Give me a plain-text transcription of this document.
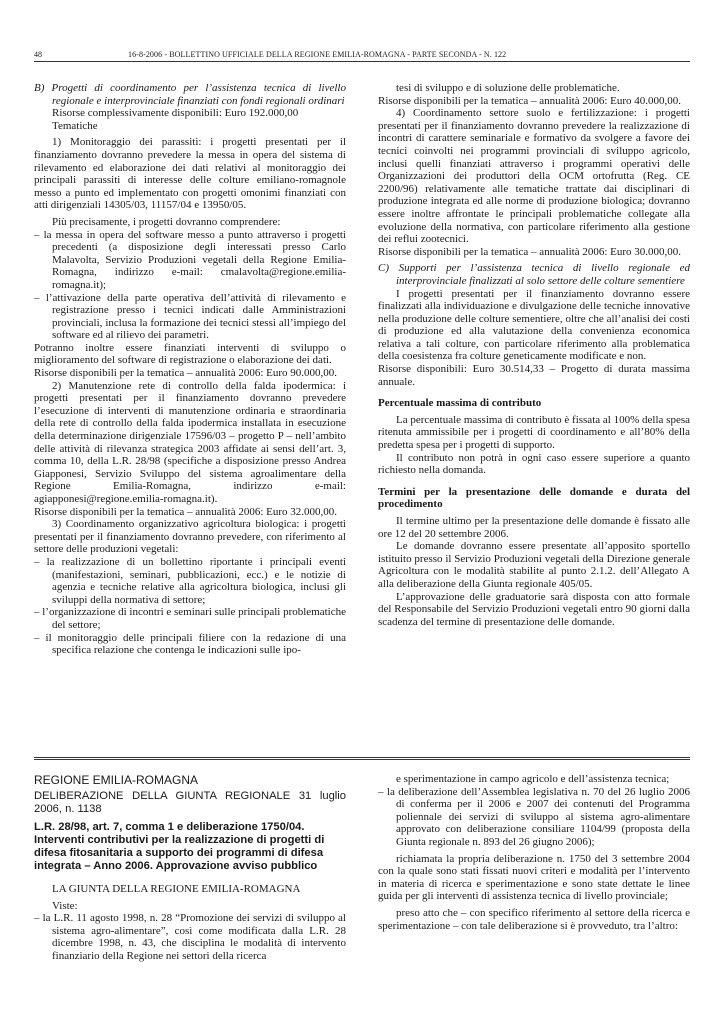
48	16-8-2006 - BOLLETTINO UFFICIALE DELLA REGIONE EMILIA-ROMAGNA - PARTE SECONDA - N. 122

B) Progetti di coordinamento per l’assistenza tecnica di livello regionale e interprovinciale finanziati con fondi regionali ordinari

Risorse complessivamente disponibili: Euro 192.000,00

Tematiche

1) Monitoraggio dei parassiti: i progetti presentati per il finanziamento dovranno prevedere la messa in opera del sistema di rilevamento ed elaborazione dei dati relativi al monitoraggio dei principali parassiti di interesse delle colture emiliano-romagnole messo a punto ed implementato con progetti omonimi finanziati con atti dirigenziali 14305/03, 11157/04 e 13950/05.

Più precisamente, i progetti dovranno comprendere:

– la messa in opera del software messo a punto attraverso i progetti precedenti (a disposizione degli interessati presso Carlo Malavolta, Servizio Produzioni vegetali della Regione Emilia-Romagna, indirizzo e-mail: cmalavolta@regione.emilia-romagna.it);

– l’attivazione della parte operativa dell’attività di rilevamento e registrazione presso i tecnici indicati dalle Amministrazioni provinciali, inclusa la formazione dei tecnici stessi all’impiego del software ed al rilievo dei parametri.

Potranno inoltre essere finanziati interventi di sviluppo o miglioramento del software di registrazione o elaborazione dei dati.

Risorse disponibili per la tematica – annualità 2006: Euro 90.000,00.

2) Manutenzione rete di controllo della falda ipodermica: i progetti presentati per il finanziamento dovranno prevedere l’esecuzione di interventi di manutenzione ordinaria e straordinaria della rete di controllo della falda ipodermica installata in esecuzione della determinazione dirigenziale 17596/03 – progetto P – nell’ambito delle attività di rilevanza strategica 2003 affidate ai sensi dell’art. 3, comma 10, della L.R. 28/98 (specifiche a disposizione presso Andrea Giapponesi, Servizio Sviluppo del sistema agroalimentare della Regione Emilia-Romagna, indirizzo e-mail: agiapponesi@regione.emilia-romagna.it).

Risorse disponibili per la tematica – annualità 2006: Euro 32.000,00.

3) Coordinamento organizzativo agricoltura biologica: i progetti presentati per il finanziamento dovranno prevedere, con riferimento al settore delle produzioni vegetali:

– la realizzazione di un bollettino riportante i principali eventi (manifestazioni, seminari, pubblicazioni, ecc.) e le notizie di agenzia e tecniche relative alla agricoltura biologica, inclusi gli sviluppi della normativa di settore;

– l’organizzazione di incontri e seminari sulle principali problematiche del settore;

– il monitoraggio delle principali filiere con la redazione di una specifica relazione che contenga le indicazioni sulle ipo-

tesi di sviluppo e di soluzione delle problematiche.

Risorse disponibili per la tematica – annualità 2006: Euro 40.000,00.

4) Coordinamento settore suolo e fertilizzazione: i progetti presentati per il finanziamento dovranno prevedere la realizzazione di incontri di carattere seminariale e formativo da svolgere a favore dei tecnici coinvolti nei programmi provinciali di sviluppo agricolo, inclusi quelli finanziati attraverso i programmi operativi delle Organizzazioni dei produttori della OCM ortofrutta (Reg. CE 2200/96) relativamente alle tematiche trattate dai disciplinari di produzione integrata ed alle norme di produzione biologica; dovranno essere inoltre affrontate le principali problematiche collegate alla evoluzione della normativa, con particolare riferimento alla gestione dei reflui zootecnici.

Risorse disponibili per la tematica – annualità 2006: Euro 30.000,00.

C) Supporti per l’assistenza tecnica di livello regionale ed interprovinciale finalizzati al solo settore delle colture sementiere

I progetti presentati per il finanziamento dovranno essere finalizzati alla individuazione e divulgazione delle tecniche innovative nella produzione delle colture sementiere, oltre che all’analisi dei costi di produzione ed alla valutazione della convenienza economica relativa a tali colture, con particolare riferimento alla problematica della coesistenza fra colture geneticamente modificate e non.

Risorse disponibili: Euro 30.514,33 – Progetto di durata massima annuale.

Percentuale massima di contributo

La percentuale massima di contributo è fissata al 100% della spesa ritenuta ammissibile per i progetti di coordinamento e all’80% della predetta spesa per i progetti di supporto.

Il contributo non potrà in ogni caso essere superiore a quanto richiesto nella domanda.

Termini per la presentazione delle domande e durata del procedimento

Il termine ultimo per la presentazione delle domande è fissato alle ore 12 del 20 settembre 2006.

Le domande dovranno essere presentate all’apposito sportello istituito presso il Servizio Produzioni vegetali della Direzione generale Agricoltura con le modalità stabilite al punto 2.1.2. dell’Allegato A alla deliberazione della Giunta regionale 405/05.

L’approvazione delle graduatorie sarà disposta con atto formale del Responsabile del Servizio Produzioni vegetali entro 90 giorni dalla scadenza del termine di presentazione delle domande.

REGIONE EMILIA-ROMAGNA

DELIBERAZIONE DELLA GIUNTA REGIONALE 31 luglio 2006, n. 1138

L.R. 28/98, art. 7, comma 1 e deliberazione 1750/04. Interventi contributivi per la realizzazione di progetti di difesa fitosanitaria a supporto dei programmi di difesa integrata – Anno 2006. Approvazione avviso pubblico

LA GIUNTA DELLA REGIONE EMILIA-ROMAGNA

Viste:

– la L.R. 11 agosto 1998, n. 28 “Promozione dei servizi di sviluppo al sistema agro-alimentare”, così come modificata dalla L.R. 28 dicembre 1998, n. 43, che disciplina le modalità di intervento finanziario della Regione nei settori della ricerca

e sperimentazione in campo agricolo e dell’assistenza tecnica;

– la deliberazione dell’Assemblea legislativa n. 70 del 26 luglio 2006 di conferma per il 2006 e 2007 dei contenuti del Programma poliennale dei servizi di sviluppo al sistema agro-alimentare approvato con deliberazione consiliare 1104/99 (proposta della Giunta regionale n. 893 del 26 giugno 2006);

richiamata la propria deliberazione n. 1750 del 3 settembre 2004 con la quale sono stati fissati nuovi criteri e modalità per l’intervento in materia di ricerca e sperimentazione e sono state dettate le linee guida per gli interventi di assistenza tecnica di livello provinciale;

preso atto che – con specifico riferimento al settore della ricerca e sperimentazione – con tale deliberazione si è provveduto, tra l’altro:
